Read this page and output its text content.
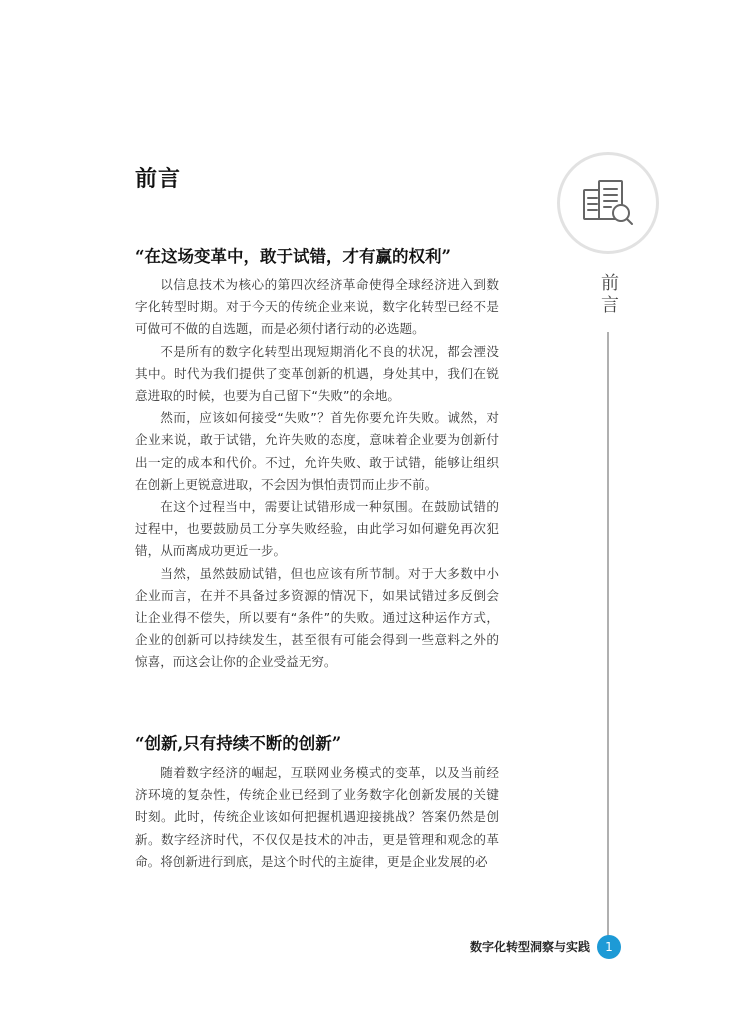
前言
“在这场变革中，敢于试错，才有赢的权利”

以信息技术为核心的第四次经济革命使得全球经济进入到数字化转型时期。对于今天的传统企业来说，数字化转型已经不是可做可不做的自选题，而是必须付诸行动的必选题。

不是所有的数字化转型出现短期消化不良的状况，都会湮没其中。时代为我们提供了变革创新的机遇，身处其中，我们在锐意进取的时候，也要为自己留下“失败”的余地。

然而，应该如何接受“失败”？首先你要允许失败。诚然，对企业来说，敢于试错，允许失败的态度，意味着企业要为创新付出一定的成本和代价。不过，允许失败、敢于试错，能够让组织在创新上更锐意进取，不会因为惧怕责罚而止步不前。

在这个过程当中，需要让试错形成一种氛围。在鼓励试错的过程中，也要鼓励员工分享失败经验，由此学习如何避免再次犯错，从而离成功更近一步。

当然，虽然鼓励试错，但也应该有所节制。对于大多数中小企业而言，在并不具备过多资源的情况下，如果试错过多反倒会让企业得不偿失，所以要有“条件”的失败。通过这种运作方式，企业的创新可以持续发生，甚至很有可能会得到一些意料之外的惊喜，而这会让你的企业受益无穷。

“创新,只有持续不断的创新”

随着数字经济的崛起，互联网业务模式的变革，以及当前经济环境的复杂性，传统企业已经到了业务数字化创新发展的关键时刻。此时，传统企业该如何把握机遇迎接挑战？答案仍然是创新。数字经济时代，不仅仅是技术的冲击，更是管理和观念的革命。将创新进行到底，是这个时代的主旋律，更是企业发展的必

前
言
数字化转型洞察与实践	1
